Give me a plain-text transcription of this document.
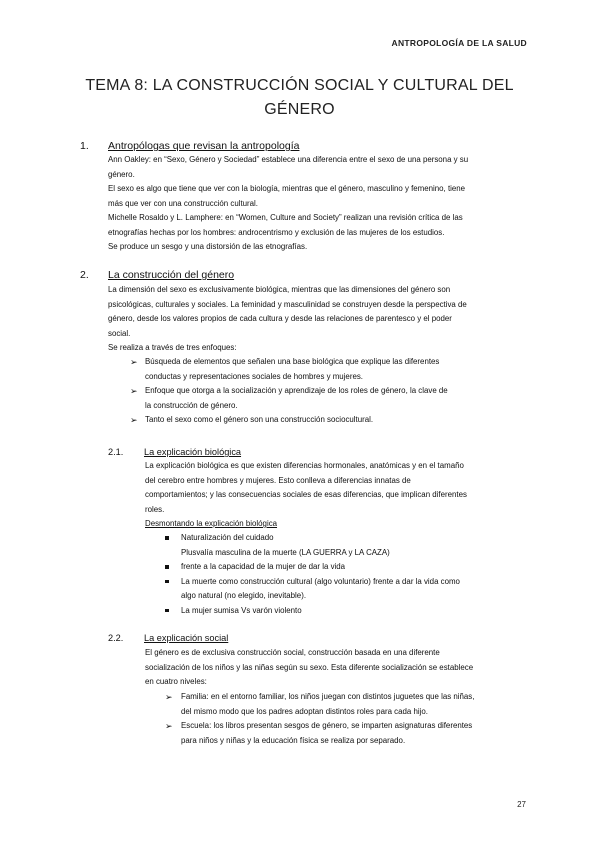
ANTROPOLOGÍA DE LA SALUD
TEMA 8: LA CONSTRUCCIÓN SOCIAL Y CULTURAL DEL
GÉNERO
1. Antropólogas que revisan la antropología
Ann Oakley: en “Sexo, Género y Sociedad” establece una diferencia entre el sexo de una persona y su
género.
El sexo es algo que tiene que ver con la biología, mientras que el género, masculino y femenino, tiene
más que ver con una construcción cultural.
Michelle Rosaldo y L. Lamphere: en “Women, Culture and Society” realizan una revisión crítica de las
etnografías hechas por los hombres: androcentrismo y exclusión de las mujeres de los estudios.
Se produce un sesgo y una distorsión de las etnografías.
2. La construcción del género
La dimensión del sexo es exclusivamente biológica, mientras que las dimensiones del género son
psicológicas, culturales y sociales. La feminidad y masculinidad se construyen desde la perspectiva de
género, desde los valores propios de cada cultura y desde las relaciones de parentesco y el poder
social.
Se realiza a través de tres enfoques:
➢ Búsqueda de elementos que señalen una base biológica que explique las diferentes
conductas y representaciones sociales de hombres y mujeres.
➢ Enfoque que otorga a la socialización y aprendizaje de los roles de género, la clave de
la construcción de género.
➢ Tanto el sexo como el género son una construcción sociocultural.
2.1. La explicación biológica
La explicación biológica es que existen diferencias hormonales, anatómicas y en el tamaño
del cerebro entre hombres y mujeres. Esto conlleva a diferencias innatas de
comportamientos; y las consecuencias sociales de esas diferencias, que implican diferentes
roles.
Desmontando la explicación biológica
Naturalización del cuidado
Plusvalía masculina de la muerte (LA GUERRA y LA CAZA)
frente a la capacidad de la mujer de dar la vida
La muerte como construcción cultural (algo voluntario) frente a dar la vida como
algo natural (no elegido, inevitable).
La mujer sumisa Vs varón violento
2.2. La explicación social
El género es de exclusiva construcción social, construcción basada en una diferente
socialización de los niños y las niñas según su sexo. Esta diferente socialización se establece
en cuatro niveles:
➢ Familia: en el entorno familiar, los niños juegan con distintos juguetes que las niñas,
del mismo modo que los padres adoptan distintos roles para cada hijo.
➢ Escuela: los libros presentan sesgos de género, se imparten asignaturas diferentes
para niños y niñas y la educación física se realiza por separado.
27
